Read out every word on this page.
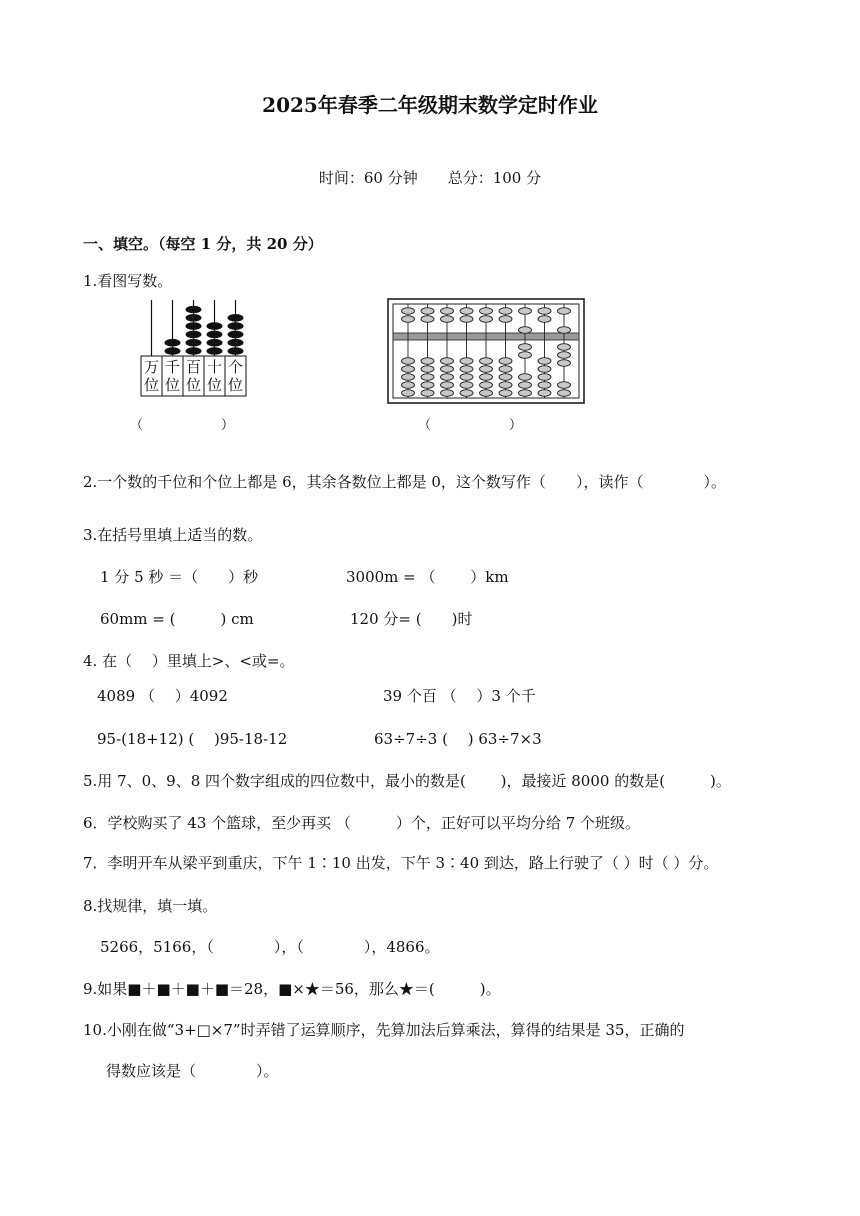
2025年春季二年级期末数学定时作业
时间：60 分钟　　总分：100 分
一、填空。（每空 1 分，共 20 分）
1.看图写数。
万
位
千
位
百
位
十
位
个
位
（　　　　　　）	（　　　　　　）
2.一个数的千位和个位上都是 6，其余各数位上都是 0，这个数写作（　　），读作（　　　　）。
3.在括号里填上适当的数。
1 分 5 秒 ＝（　　）秒	3000m = （　　 ）km
60mm = (　　　) cm	120 分= (　　)时
4. 在（　 ）里填上>、<或=。
4089 （　 ）4092	39 个百 （　 ）3 个千
95-(18+12) (　 )95-18-12	63÷7÷3 (　 ) 63÷7×3
5.用 7、0、9、8 四个数字组成的四位数中，最小的数是(　　 )，最接近 8000 的数是(　　　)。
6．学校购买了 43 个篮球，至少再买 （　　　）个，正好可以平均分给 7 个班级。
7．李明开车从梁平到重庆，下午 1∶10 出发，下午 3∶40 到达，路上行驶了（ ）时（ ）分。
8.找规律，填一填。
5266，5166，（　　　　），（　　　　），4866。
9.如果■＋■＋■＋■＝28，■×★＝56，那么★＝(　　　)。
10.小刚在做“3+□×7”时弄错了运算顺序，先算加法后算乘法，算得的结果是 35，正确的
得数应该是（　　　　）。
